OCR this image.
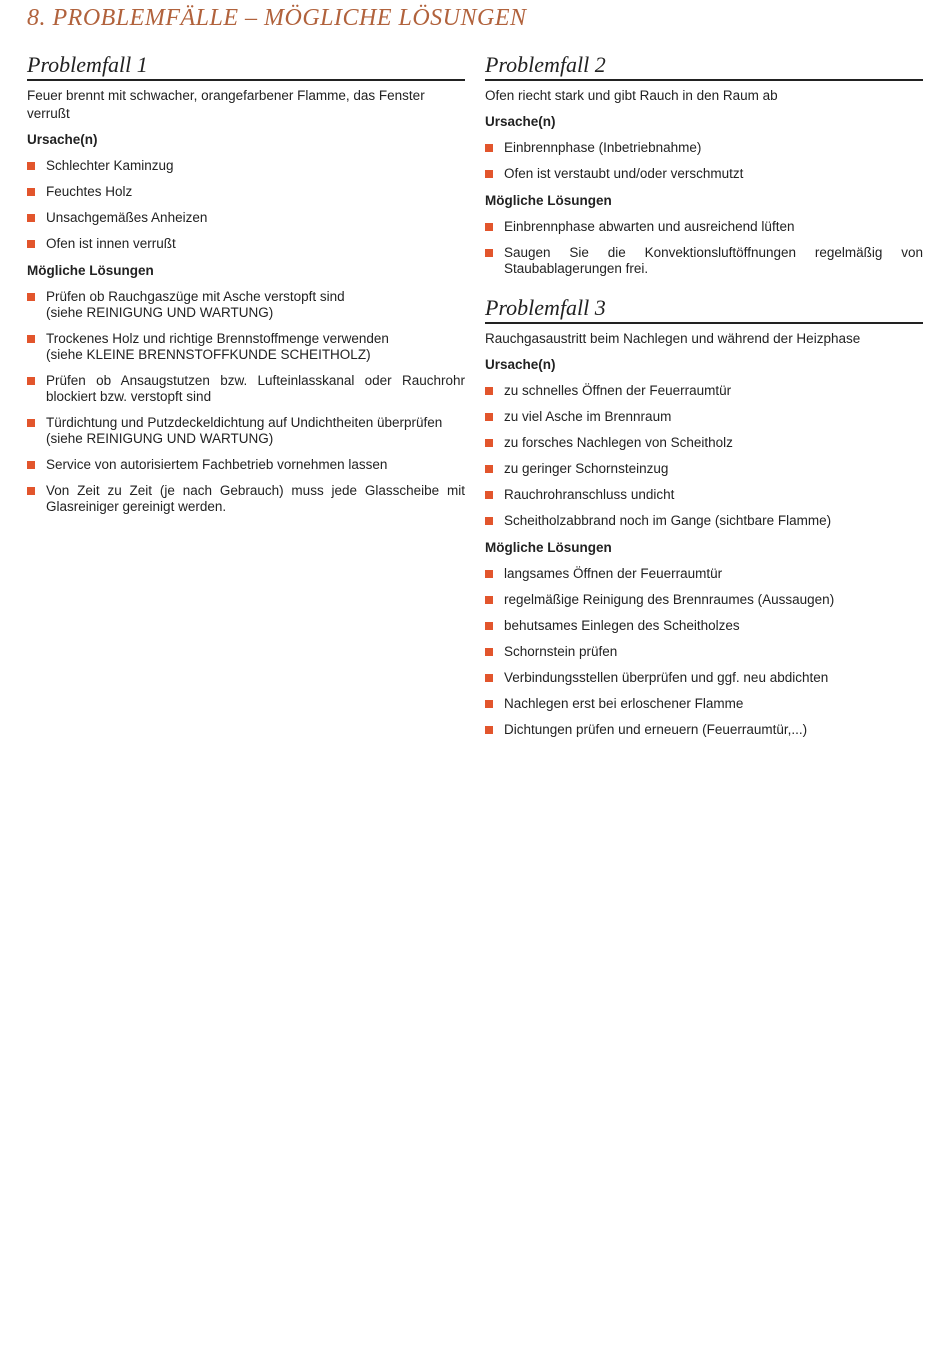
8. PROBLEMFÄLLE – MÖGLICHE LÖSUNGEN
Problemfall 1

Feuer brennt mit schwacher, orangefarbener Flamme, das Fenster verrußt

Ursache(n)

Schlechter Kaminzug
Feuchtes Holz
Unsachgemäßes Anheizen
Ofen ist innen verrußt

Mögliche Lösungen

Prüfen ob Rauchgaszüge mit Asche verstopft sind
(siehe REINIGUNG UND WARTUNG)
Trockenes Holz und richtige Brennstoffmenge verwenden
(siehe KLEINE BRENNSTOFFKUNDE SCHEITHOLZ)
Prüfen ob Ansaugstutzen bzw. Lufteinlasskanal oder Rauchrohr blockiert bzw. verstopft sind
Türdichtung und Putzdeckeldichtung auf Undichtheiten überprüfen
(siehe REINIGUNG UND WARTUNG)
Service von autorisiertem Fachbetrieb vornehmen lassen
Von Zeit zu Zeit (je nach Gebrauch) muss jede Glasscheibe mit Glasreiniger gereinigt werden.
Problemfall 2

Ofen riecht stark und gibt Rauch in den Raum ab

Ursache(n)

Einbrennphase (Inbetriebnahme)
Ofen ist verstaubt und/oder verschmutzt

Mögliche Lösungen

Einbrennphase abwarten und ausreichend lüften
Saugen Sie die Konvektionsluftöffnungen regelmäßig von Staubablagerungen frei.
Problemfall 3

Rauchgasaustritt beim Nachlegen und während der Heizphase

Ursache(n)

zu schnelles Öffnen der Feuerraumtür
zu viel Asche im Brennraum
zu forsches Nachlegen von Scheitholz
zu geringer Schornsteinzug
Rauchrohranschluss undicht
Scheitholzabbrand noch im Gange (sichtbare Flamme)

Mögliche Lösungen

langsames Öffnen der Feuerraumtür
regelmäßige Reinigung des Brennraumes (Aussaugen)
behutsames Einlegen des Scheitholzes
Schornstein prüfen
Verbindungsstellen überprüfen und ggf. neu abdichten
Nachlegen erst bei erloschener Flamme
Dichtungen prüfen und erneuern (Feuerraumtür,...)
